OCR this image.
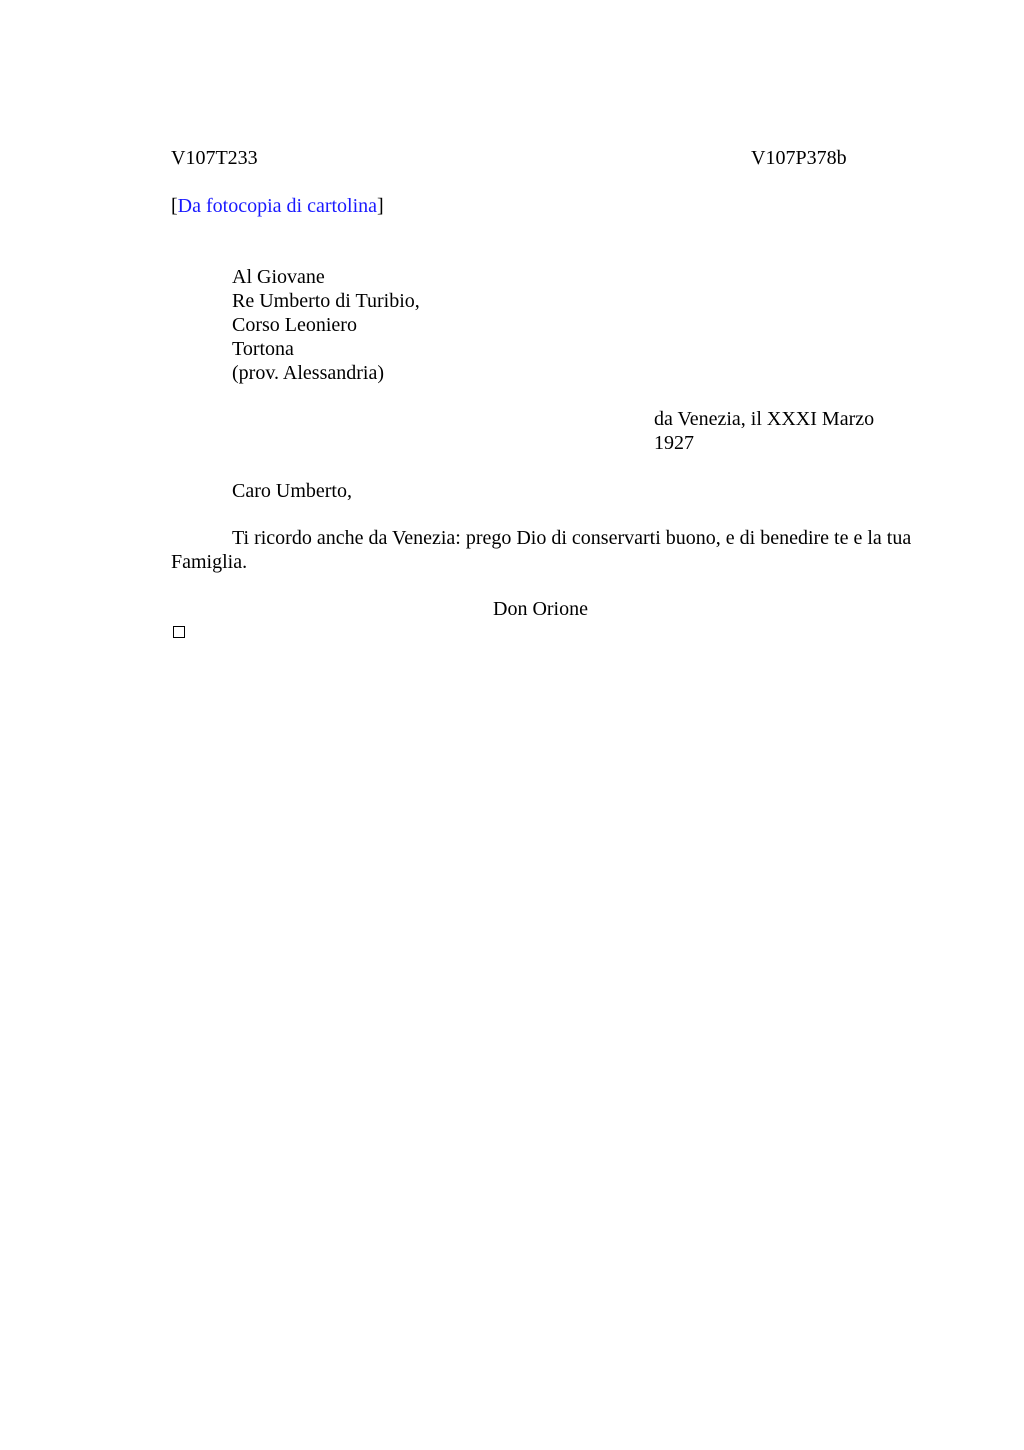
V107T233	V107P378b
[Da fotocopia di cartolina]
Al Giovane
Re Umberto di Turibio,
Corso Leoniero
Tortona
(prov. Alessandria)
da Venezia, il XXXI Marzo
1927
Caro Umberto,
Ti ricordo anche da Venezia: prego Dio di conservarti buono, e di benedire te e la tua Famiglia.
Don Orione
